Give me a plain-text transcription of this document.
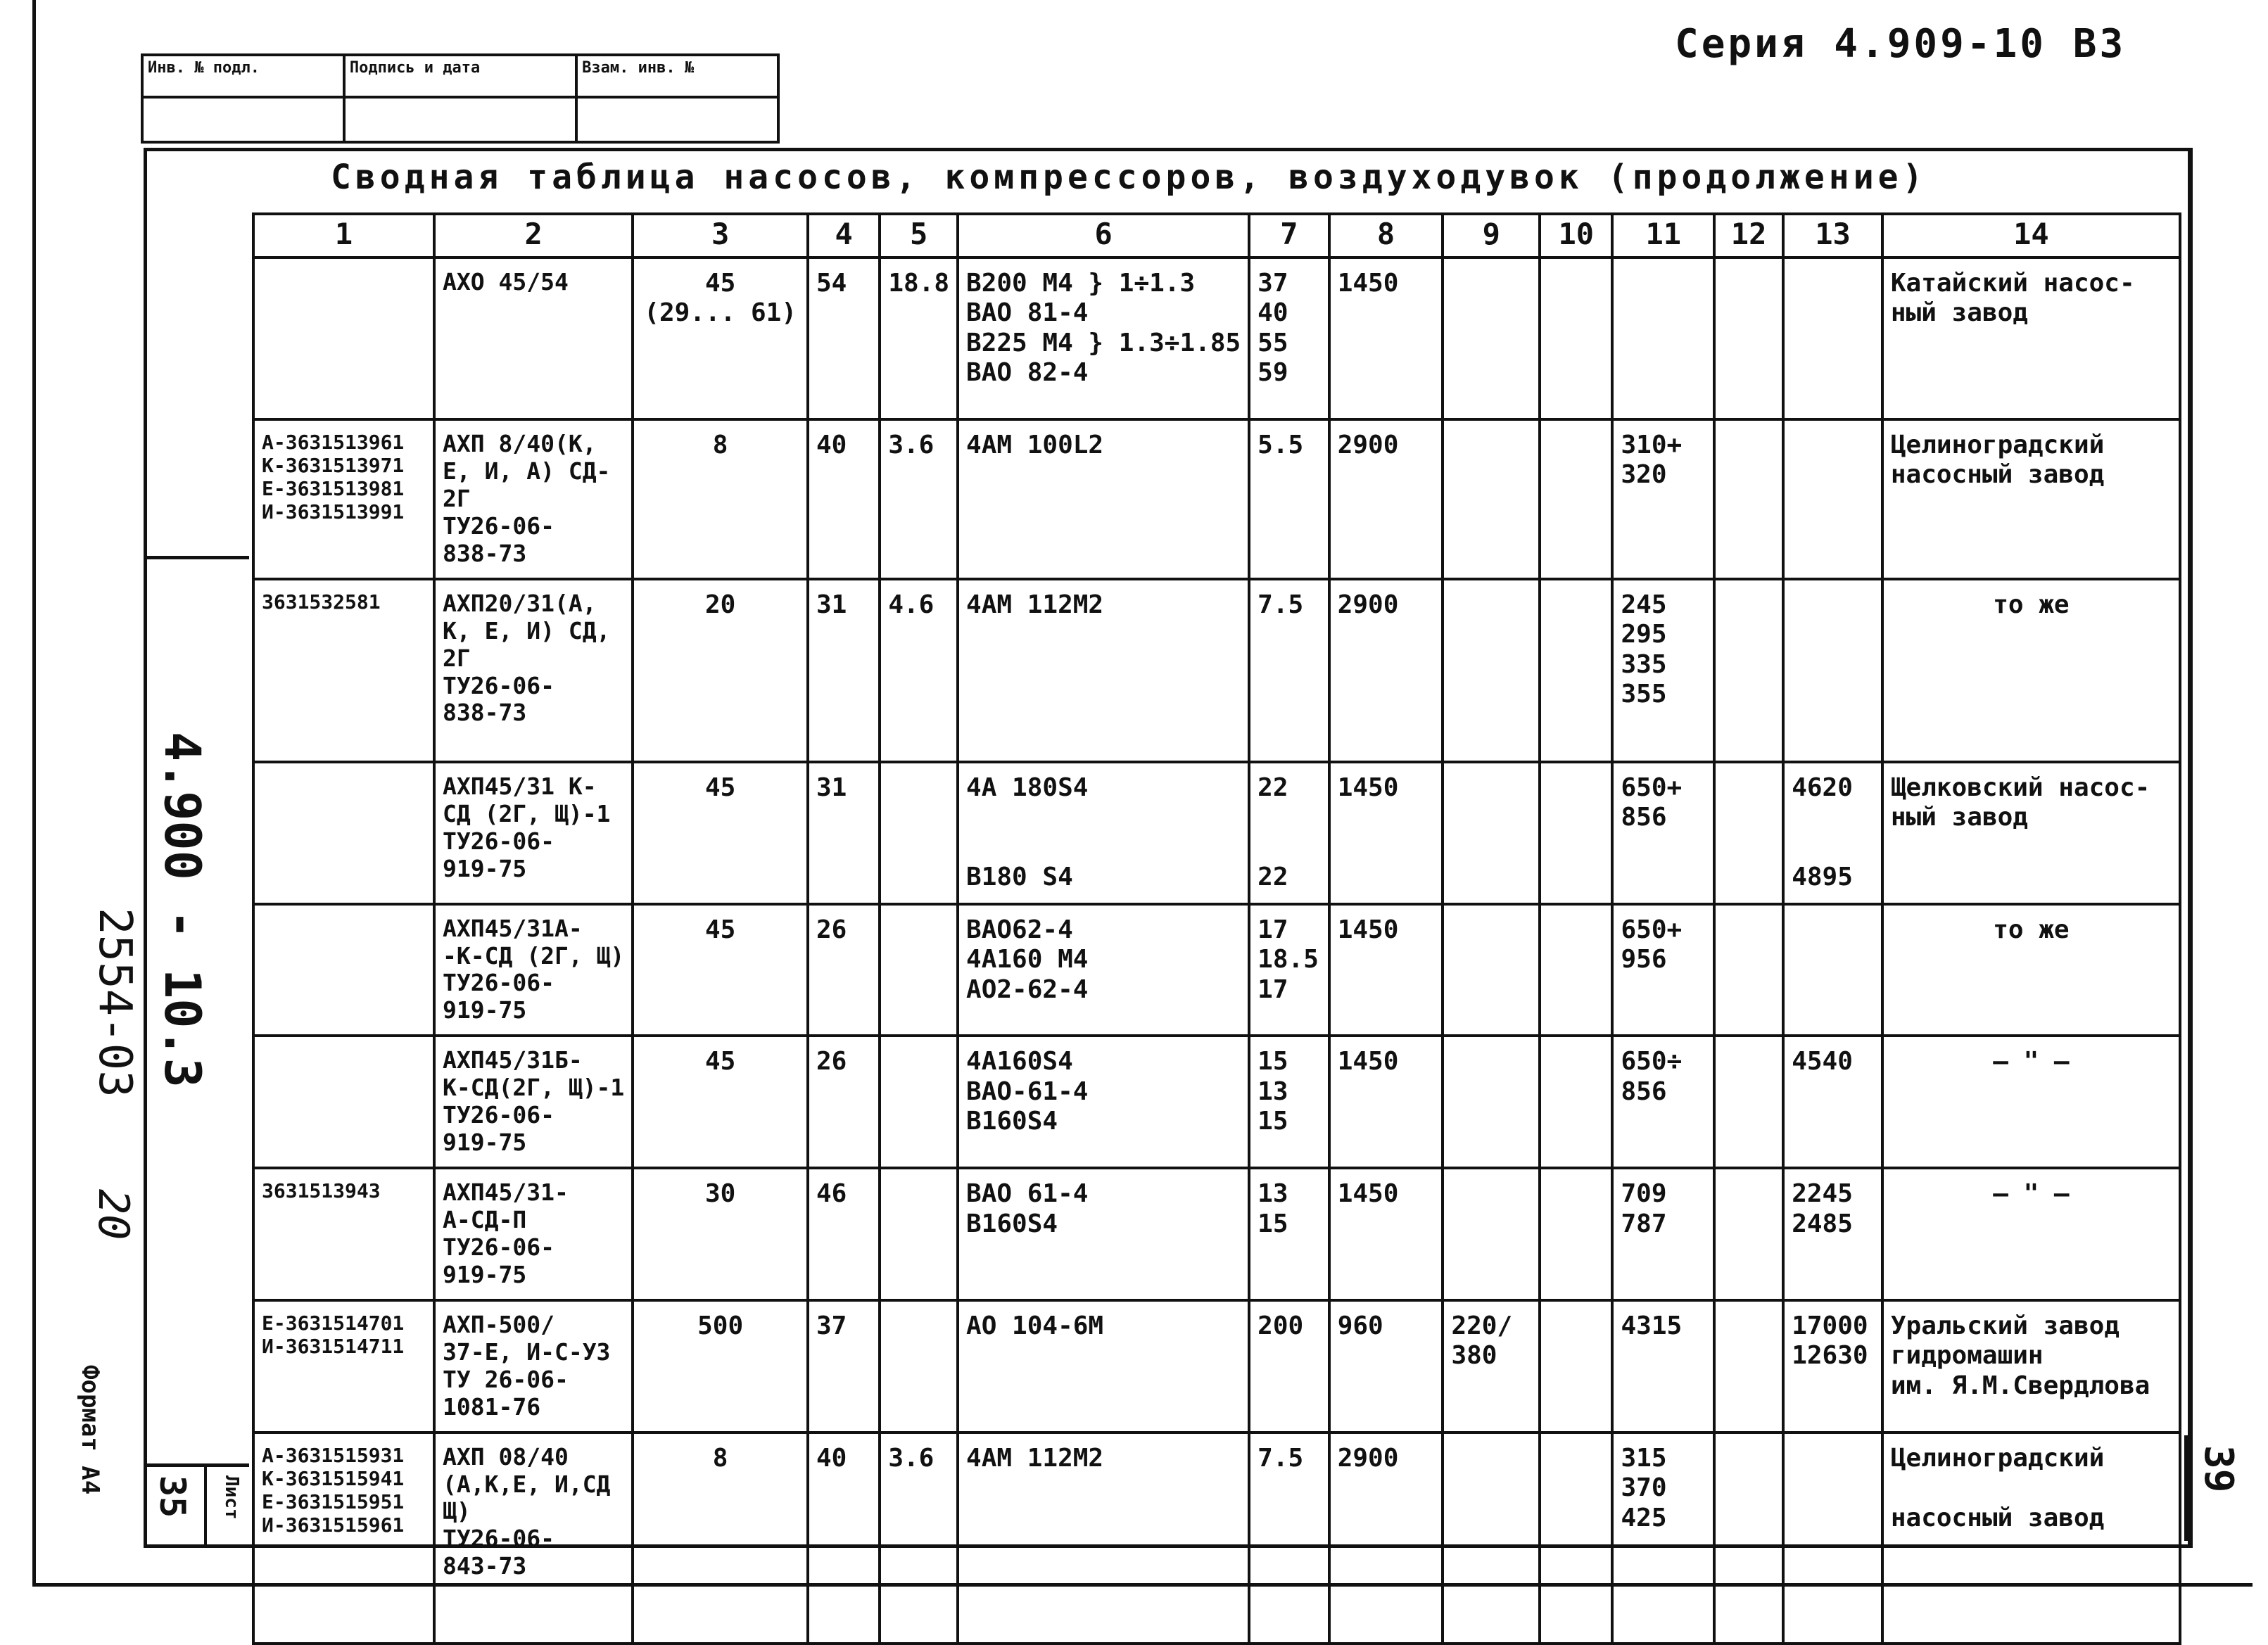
Серия 4.909-10 В3
Инв. № подл.	Подпись и дата	Взам. инв. №

Сводная таблица насосов, компрессоров, воздуходувок (продолжение)
1	2	3	4	5	6	7	8	9	10	11	12	13	14
	АХО 45/54	45
(29... 61)	54	18.8	В200 М4 } 1÷1.3
ВАО 81-4
В225 М4 } 1.3÷1.85
ВАО 82-4	37
40
55
59	1450						Катайский насос-
ный завод
А-3631513961
К-3631513971
Е-3631513981
И-3631513991	АХП 8/40(К,
Е, И, А) СД-
2Г
ТУ26-06-
838-73	8	40	3.6	4АМ 100L2	5.5	2900			310+
320			Целиноградский
насосный завод
3631532581	АХП20/31(А,
К, Е, И) СД,
2Г
ТУ26-06-
838-73	20	31	4.6	4АМ 112М2	7.5	2900			245
295
335
355			то же
	АХП45/31 К-
СД (2Г, Щ)-1
ТУ26-06-
919-75	45	31		4А 180S4

В180 S4	22

22	1450			650+
856		4620

4895	Щелковский насос-
ный завод
	АХП45/31А-
-К-СД (2Г, Щ)
ТУ26-06-
919-75	45	26		ВАО62-4
4А160 М4
АО2-62-4	17
18.5
17	1450			650+
956			то же
	АХП45/31Б-
К-СД(2Г, Щ)-1
ТУ26-06-
919-75	45	26		4А160S4
ВАО-61-4
В160S4	15
13
15	1450			650÷
856		4540	— " —
3631513943	АХП45/31-
А-СД-П
ТУ26-06-
919-75	30	46		ВАО 61-4
В160S4	13
15	1450			709
787		2245
2485	— " —
Е-3631514701
И-3631514711	АХП-500/
37-Е, И-С-У3
ТУ 26-06-
1081-76	500	37		АО 104-6М	200	960	220/
380		4315		17000
12630	Уральский завод
гидромашин
им. Я.М.Свердлова
А-3631515931
К-3631515941
Е-3631515951
И-3631515961	АХП 08/40
(А,К,Е, И,СД
Щ)
ТУ26-06-
843-73	8	40	3.6	4АМ 112М2	7.5	2900			315
370
425			Целиноградский

насосный завод
4.900 - 10.3
2554-03
20
Формат А4
35 Лист
39
